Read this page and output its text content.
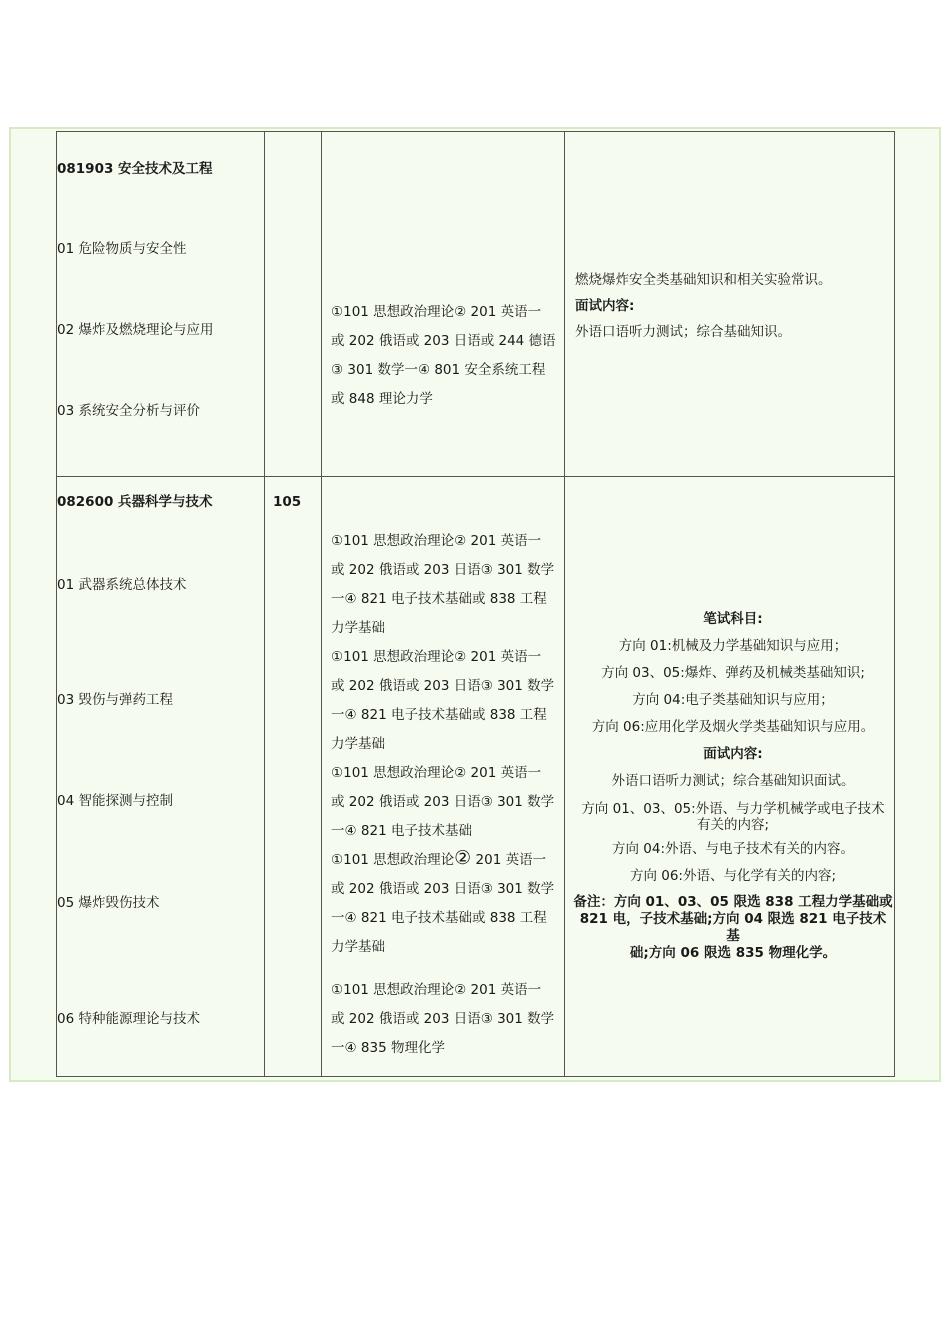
081903 安全技术及工程
01 危险物质与安全性
02 爆炸及燃烧理论与应用
03 系统安全分析与评价
①101 思想政治理论② 201 英语一
或 202 俄语或 203 日语或 244 德语
③ 301 数学一④ 801 安全系统工程
或 848 理论力学
燃烧爆炸安全类基础知识和相关实验常识。
面试内容:
外语口语听力测试；综合基础知识。
082600 兵器科学与技术	105
01 武器系统总体技术
03 毁伤与弹药工程
04 智能探测与控制
05 爆炸毁伤技术
06 特种能源理论与技术
①101 思想政治理论② 201 英语一
或 202 俄语或 203 日语③ 301 数学
一④ 821 电子技术基础或 838 工程
力学基础
①101 思想政治理论② 201 英语一
或 202 俄语或 203 日语③ 301 数学
一④ 821 电子技术基础或 838 工程
力学基础
①101 思想政治理论② 201 英语一
或 202 俄语或 203 日语③ 301 数学
一④ 821 电子技术基础
①101 思想政治理论② 201 英语一
或 202 俄语或 203 日语③ 301 数学
一④ 821 电子技术基础或 838 工程
力学基础
①101 思想政治理论② 201 英语一
或 202 俄语或 203 日语③ 301 数学
一④ 835 物理化学
笔试科目:
方向 01:机械及力学基础知识与应用；
方向 03、05:爆炸、弹药及机械类基础知识;
方向 04:电子类基础知识与应用；
方向 06:应用化学及烟火学类基础知识与应用。
面试内容:
外语口语听力测试；综合基础知识面试。
方向 01、03、05:外语、与力学机械学或电子技术
有关的内容;
方向 04:外语、与电子技术有关的内容。
方向 06:外语、与化学有关的内容;
备注：方向 01、03、05 限选 838 工程力学基础或
821 电，子技术基础;方向 04 限选 821 电子技术基
础;方向 06 限选 835 物理化学。
